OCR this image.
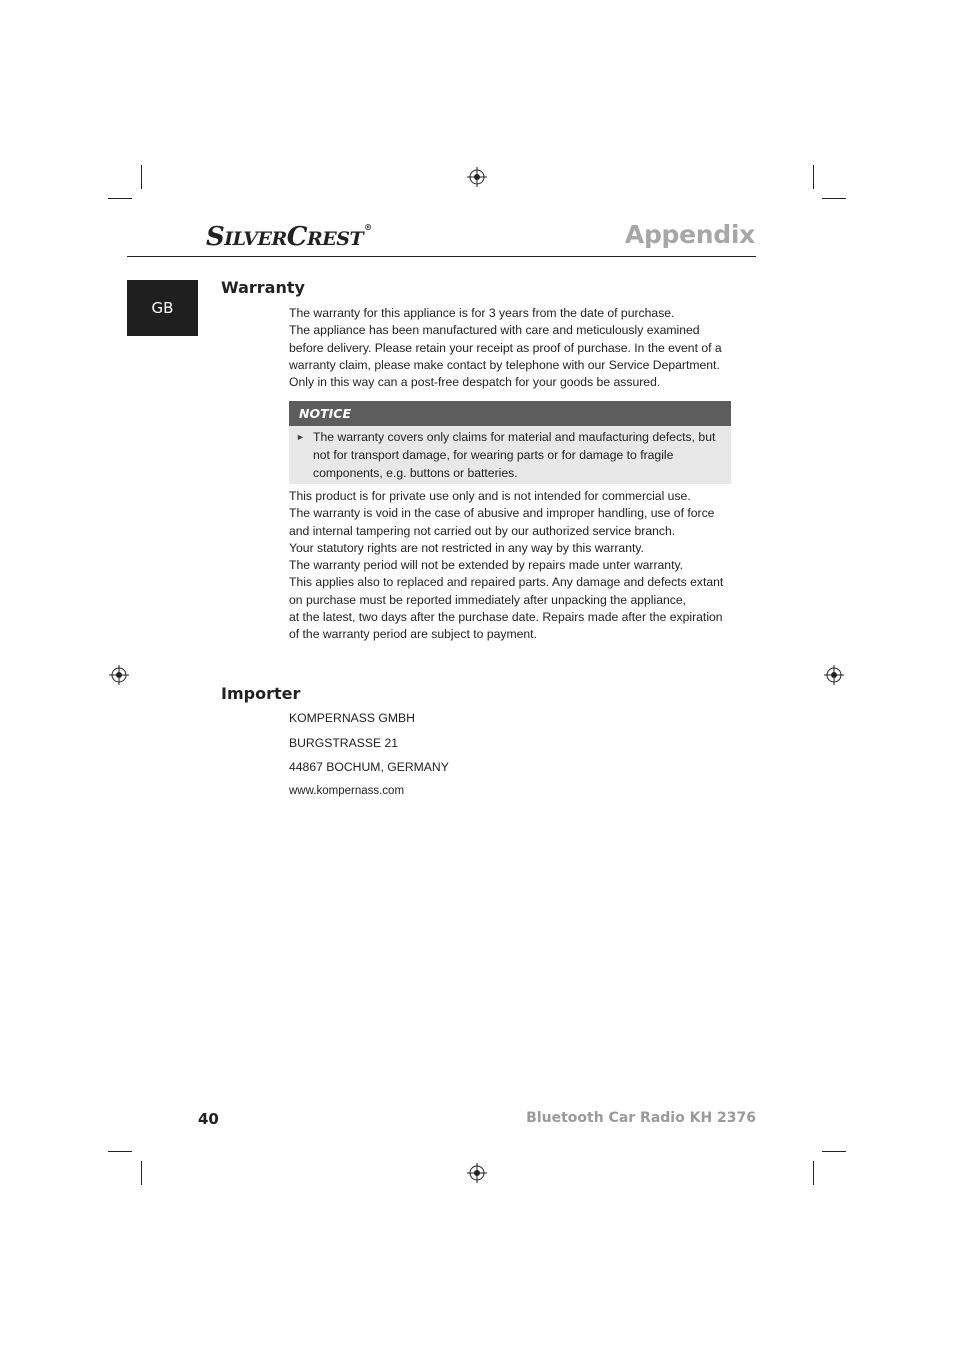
SILVERCREST®	Appendix
GB
Warranty

The warranty for this appliance is for 3 years from the date of purchase.

The appliance has been manufactured with care and meticulously examined before delivery. Please retain your receipt as proof of purchase. In the event of a warranty claim, please make contact by telephone with our Service Department. Only in this way can a post-free despatch for your goods be assured.

NOTICE
► The warranty covers only claims for material and maufacturing defects, but not for transport damage, for wearing parts or for damage to fragile components, e.g. buttons or batteries.

This product is for private use only and is not intended for commercial use.

The warranty is void in the case of abusive and improper handling, use of force and internal tampering not carried out by our authorized service branch.

Your statutory rights are not restricted in any way by this warranty.

The warranty period will not be extended by repairs made unter warranty.

This applies also to replaced and repaired parts. Any damage and defects extant on purchase must be reported immediately after unpacking the appliance,

at the latest, two days after the purchase date. Repairs made after the expiration of the warranty period are subject to payment.

Importer
KOMPERNASS GMBH
BURGSTRASSE 21
44867 BOCHUM, GERMANY
www.kompernass.com
40	Bluetooth Car Radio KH 2376
